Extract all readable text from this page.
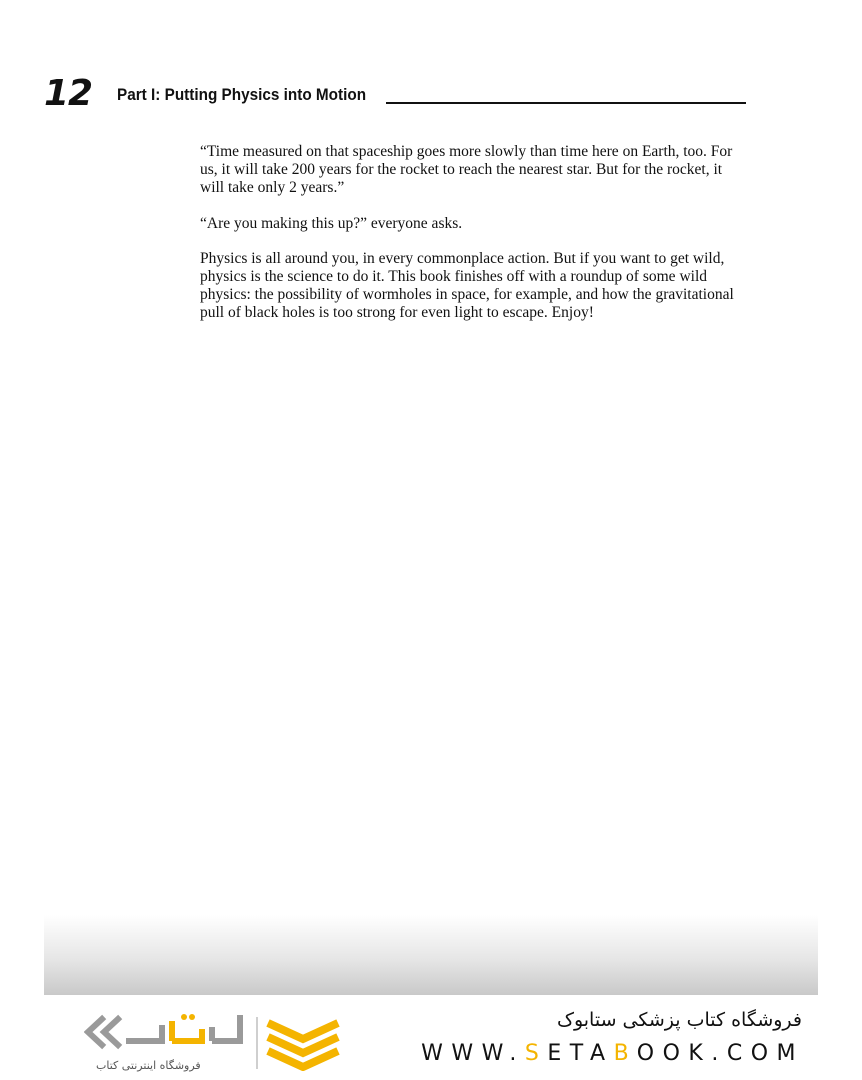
12 Part I: Putting Physics into Motion

“Time measured on that spaceship goes more slowly than time here on Earth, too. For us, it will take 200 years for the rocket to reach the nearest star. But for the rocket, it will take only 2 years.”

“Are you making this up?” everyone asks.

Physics is all around you, in every commonplace action. But if you want to get wild, physics is the science to do it. This book finishes off with a roundup of some wild physics: the possibility of wormholes in space, for example, and how the gravitational pull of black holes is too strong for even light to escape. Enjoy!

فروشگاه اینترنتی کتاب
فروشگاه کتاب پزشکی ستابوک
WWW.SETABOOK.COM
